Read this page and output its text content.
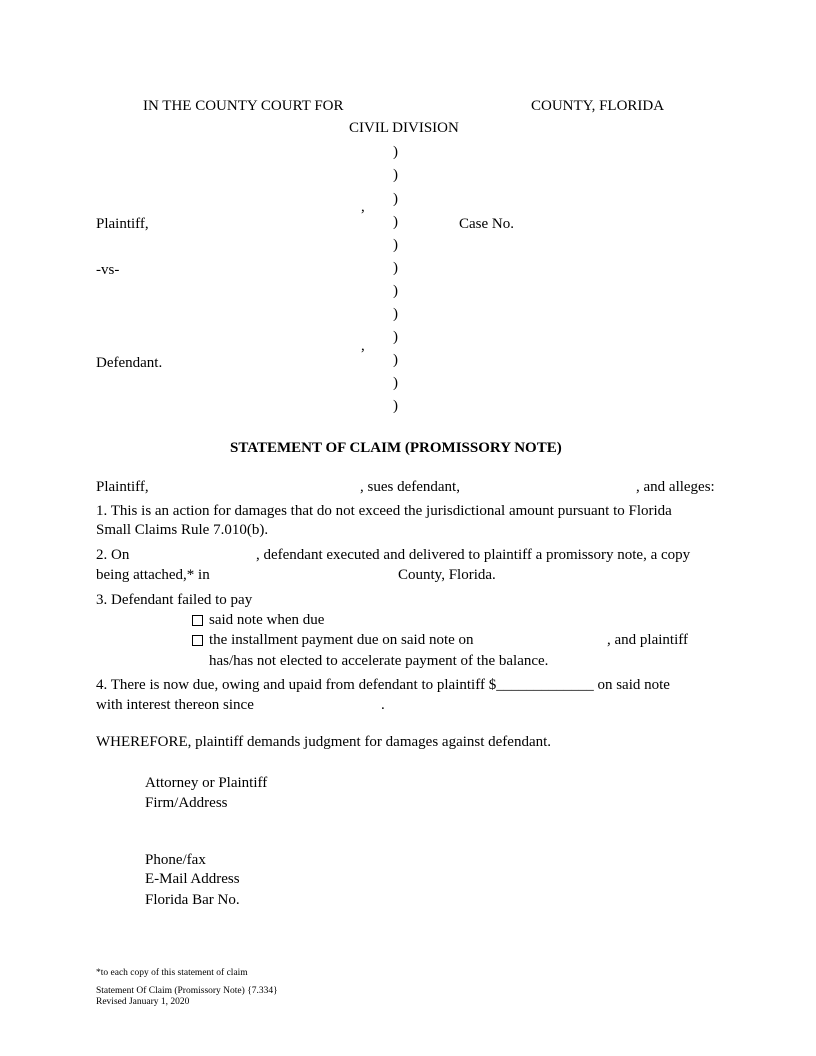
IN THE COUNTY COURT FOR	COUNTY, FLORIDA
CIVIL DIVISION
)
)
)
)
)
)
)
)
)
)
)
)
,
Plaintiff,	Case No.
-vs-
,
Defendant.
STATEMENT OF CLAIM (PROMISSORY NOTE)
Plaintiff,	, sues defendant,	, and alleges:
1. This is an action for damages that do not exceed the jurisdictional amount pursuant to Florida
Small Claims Rule 7.010(b).
2. On	, defendant executed and delivered to plaintiff a promissory note, a copy
being attached,* in	County, Florida.
3. Defendant failed to pay
said note when due
the installment payment due on said note on	, and plaintiff
has/has not elected to accelerate payment of the balance.
4. There is now due, owing and upaid from defendant to plaintiff $_____________ on said note
with interest thereon since	.
WHEREFORE, plaintiff demands judgment for damages against defendant.
Attorney or Plaintiff
Firm/Address
Phone/fax
E-Mail Address
Florida Bar No.
*to each copy of this statement of claim
Statement Of Claim (Promissory Note) {7.334}
Revised January 1, 2020
